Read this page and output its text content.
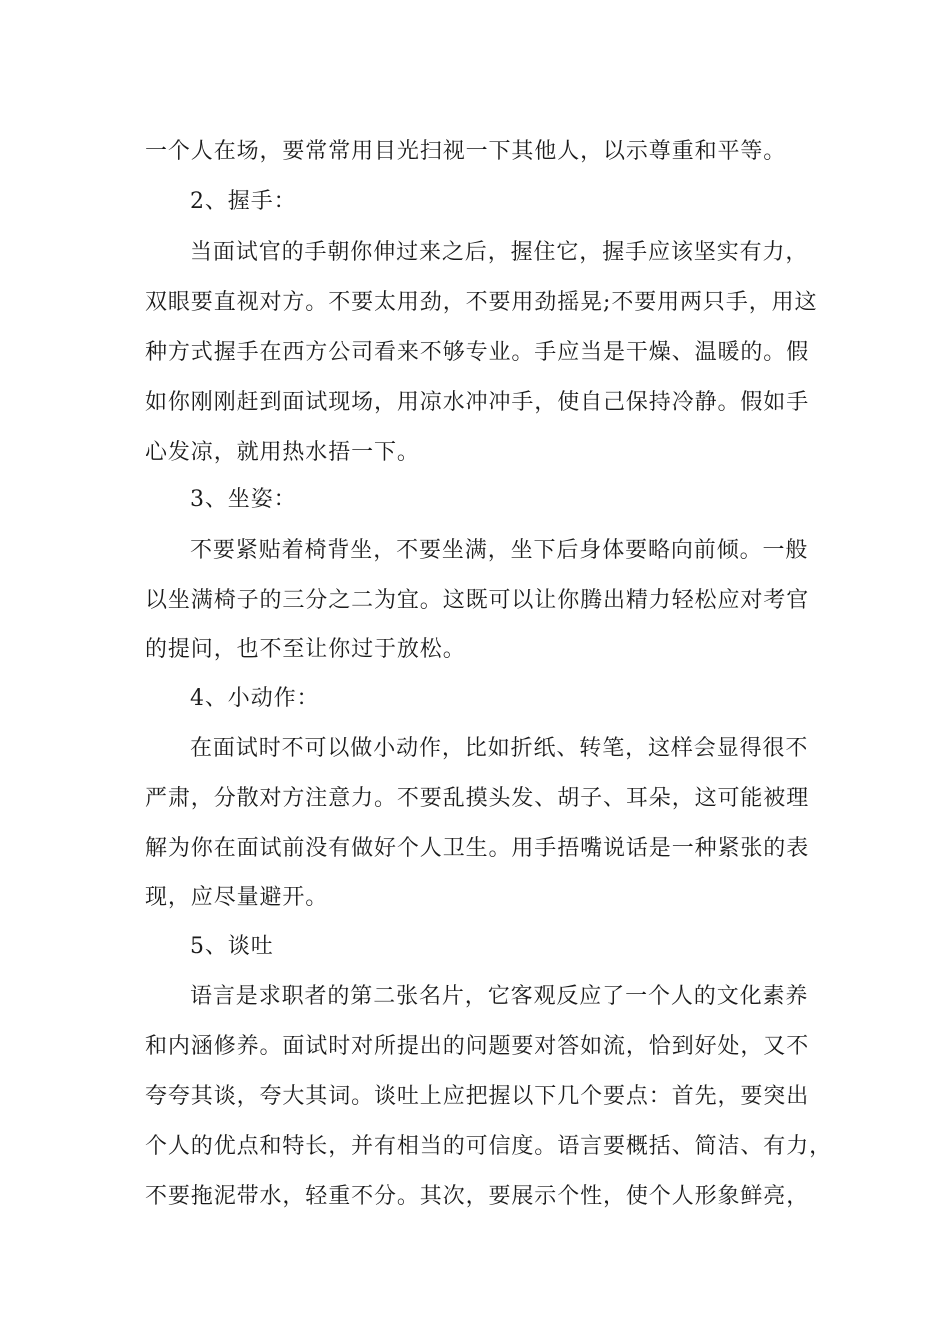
一个人在场，要常常用目光扫视一下其他人，以示尊重和平等。
2、握手：
当面试官的手朝你伸过来之后，握住它，握手应该坚实有力，
双眼要直视对方。不要太用劲，不要用劲摇晃;不要用两只手，用这
种方式握手在西方公司看来不够专业。手应当是干燥、温暖的。假
如你刚刚赶到面试现场，用凉水冲冲手，使自己保持冷静。假如手
心发凉，就用热水捂一下。
3、坐姿：
不要紧贴着椅背坐，不要坐满，坐下后身体要略向前倾。一般
以坐满椅子的三分之二为宜。这既可以让你腾出精力轻松应对考官
的提问，也不至让你过于放松。
4、小动作：
在面试时不可以做小动作，比如折纸、转笔，这样会显得很不
严肃，分散对方注意力。不要乱摸头发、胡子、耳朵，这可能被理
解为你在面试前没有做好个人卫生。用手捂嘴说话是一种紧张的表
现，应尽量避开。
5、谈吐
语言是求职者的第二张名片，它客观反应了一个人的文化素养
和内涵修养。面试时对所提出的问题要对答如流，恰到好处，又不
夸夸其谈，夸大其词。谈吐上应把握以下几个要点：首先，要突出
个人的优点和特长，并有相当的可信度。语言要概括、简洁、有力，
不要拖泥带水，轻重不分。其次，要展示个性，使个人形象鲜亮，
